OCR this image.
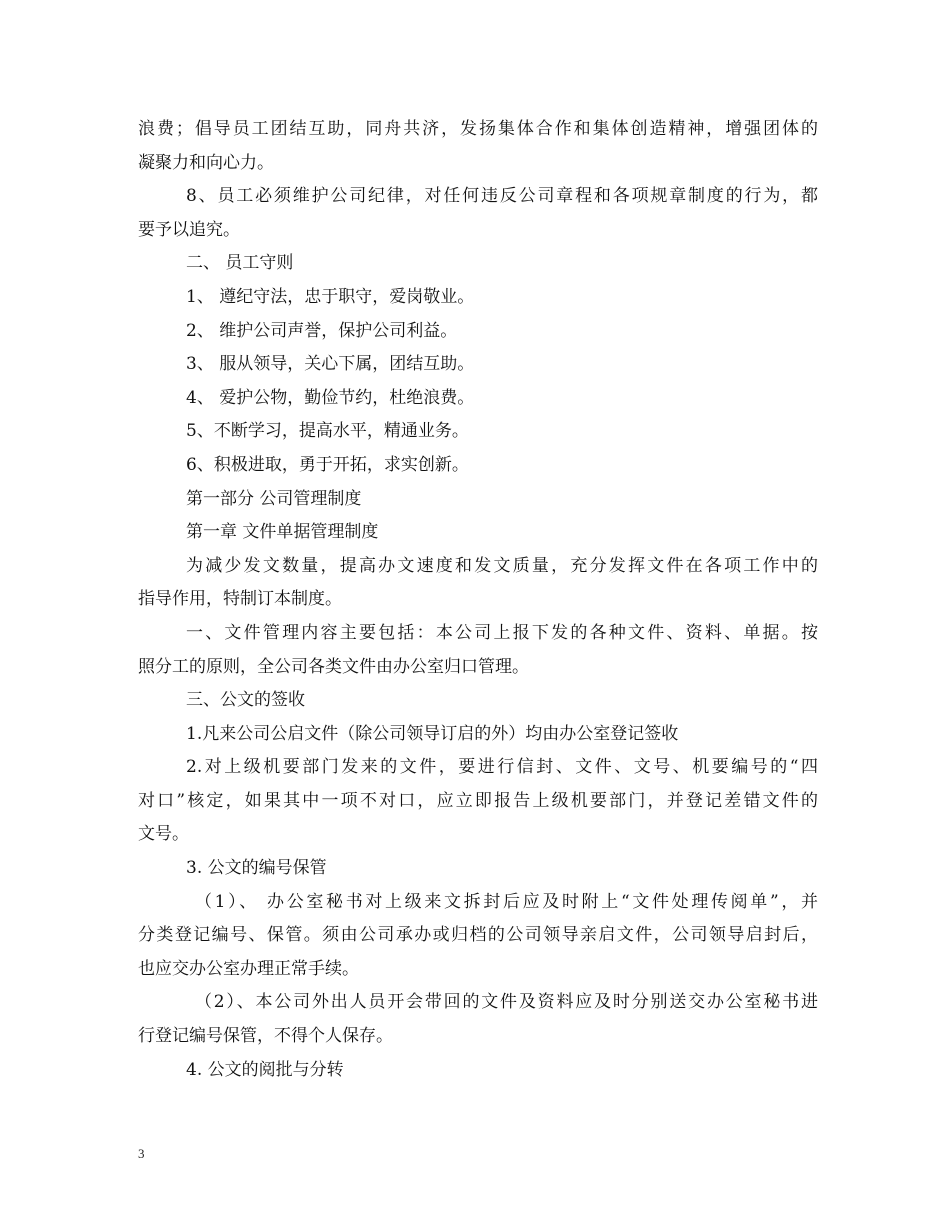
浪费；倡导员工团结互助，同舟共济，发扬集体合作和集体创造精神，增强团体的
凝聚力和向心力。
8、员工必须维护公司纪律，对任何违反公司章程和各项规章制度的行为，都
要予以追究。
二、 员工守则
1、 遵纪守法，忠于职守，爱岗敬业。
2、 维护公司声誉，保护公司利益。
3、 服从领导，关心下属，团结互助。
4、 爱护公物，勤俭节约，杜绝浪费。
5、不断学习，提高水平，精通业务。
6、积极进取，勇于开拓，求实创新。
第一部分 公司管理制度
第一章 文件单据管理制度
为减少发文数量，提高办文速度和发文质量，充分发挥文件在各项工作中的
指导作用，特制订本制度。
一、文件管理内容主要包括：本公司上报下发的各种文件、资料、单据。按
照分工的原则，全公司各类文件由办公室归口管理。
三、公文的签收
1.凡来公司公启文件（除公司领导订启的外）均由办公室登记签收
2.对上级机要部门发来的文件，要进行信封、文件、文号、机要编号的“四
对口”核定，如果其中一项不对口，应立即报告上级机要部门，并登记差错文件的
文号。
3. 公文的编号保管
（1）、 办公室秘书对上级来文拆封后应及时附上“文件处理传阅单”，并
分类登记编号、保管。须由公司承办或归档的公司领导亲启文件，公司领导启封后，
也应交办公室办理正常手续。
（2）、本公司外出人员开会带回的文件及资料应及时分别送交办公室秘书进
行登记编号保管，不得个人保存。
4. 公文的阅批与分转
3
